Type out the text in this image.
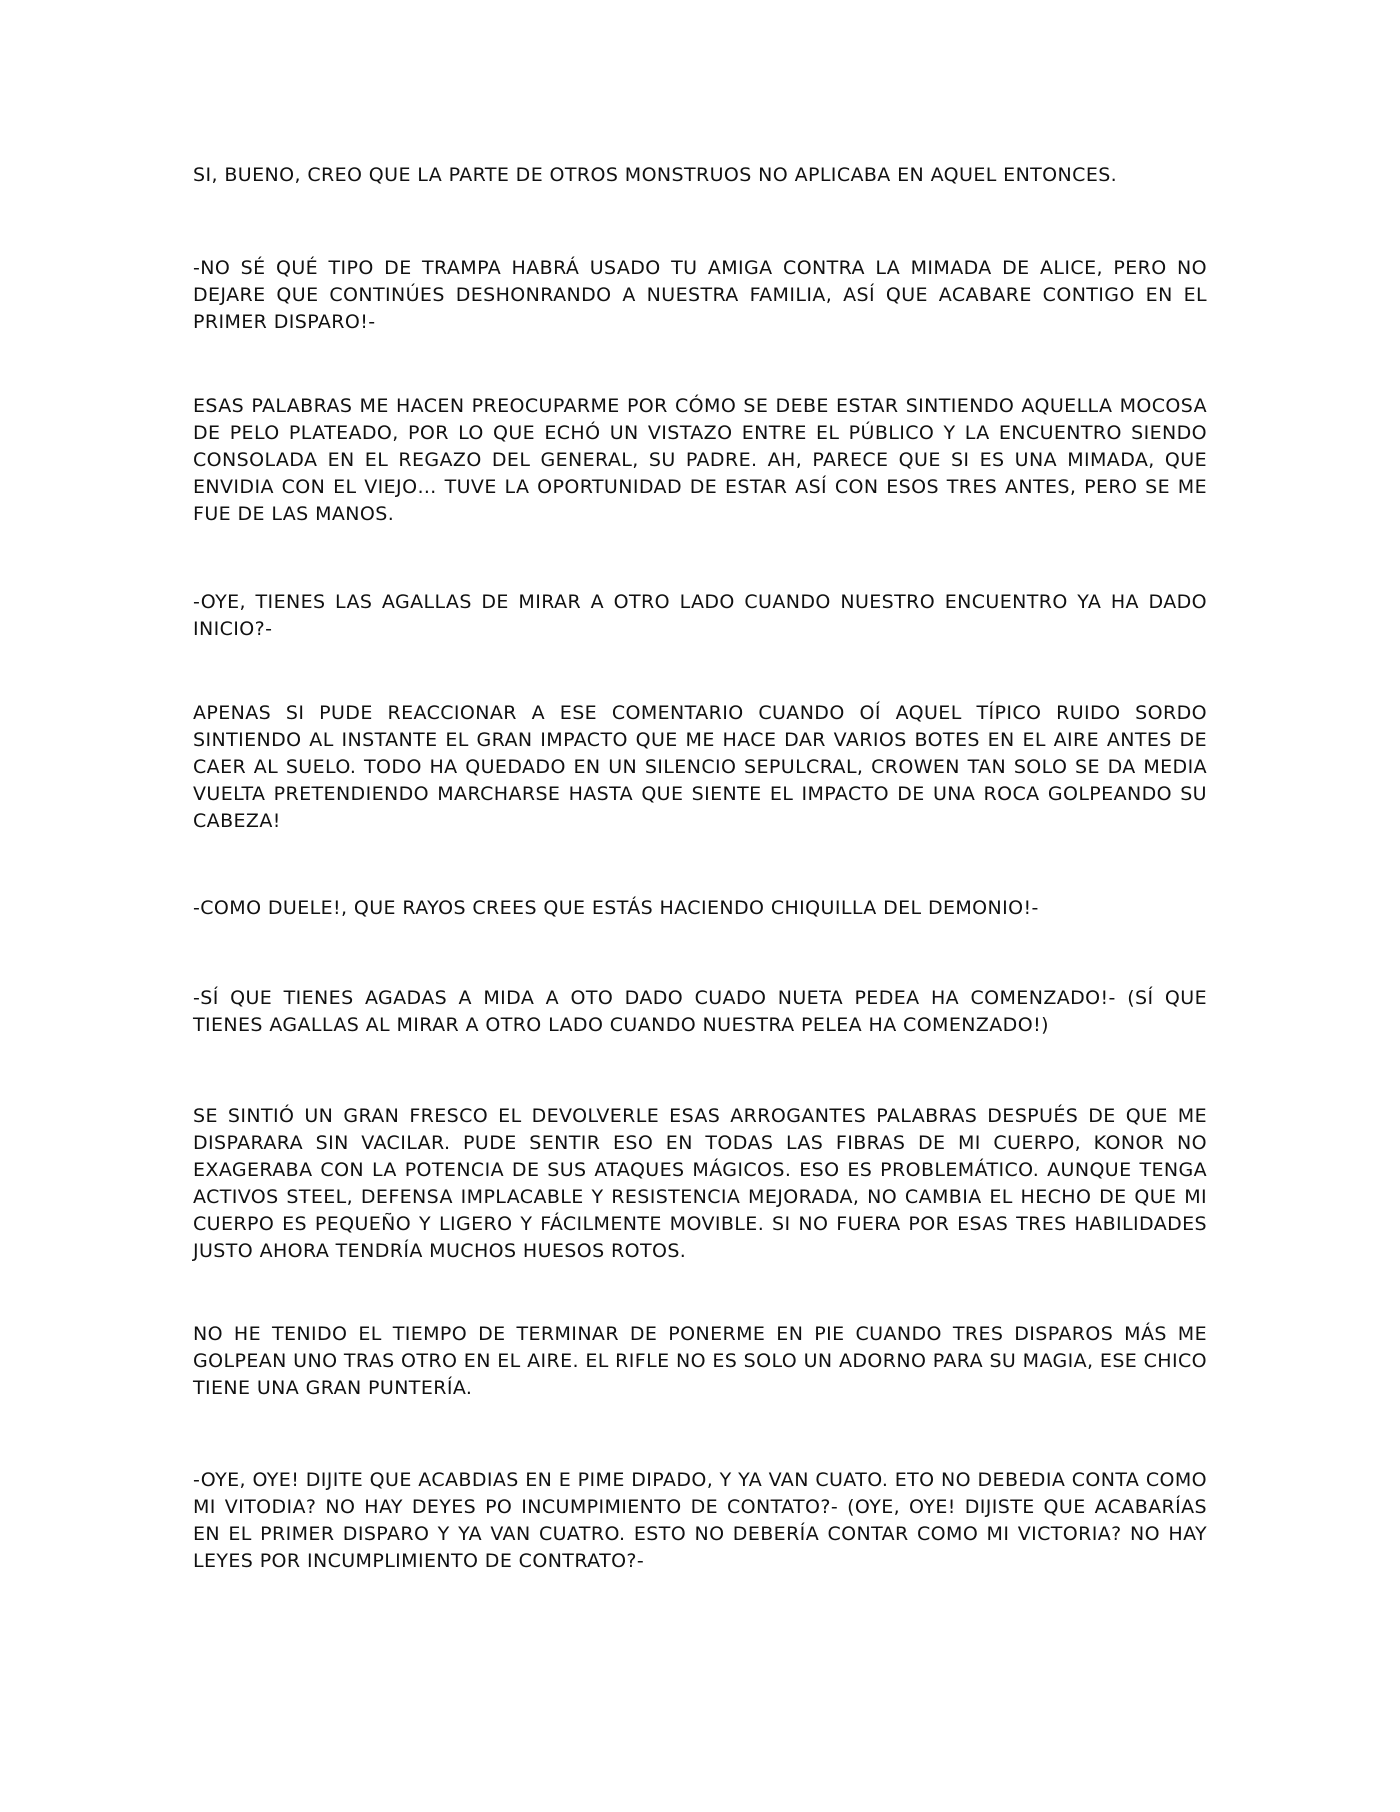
SI, BUENO, CREO QUE LA PARTE DE OTROS MONSTRUOS NO APLICABA EN AQUEL ENTONCES.

-NO SÉ QUÉ TIPO DE TRAMPA HABRÁ USADO TU AMIGA CONTRA LA MIMADA DE ALICE, PERO NO DEJARE QUE CONTINÚES DESHONRANDO A NUESTRA FAMILIA, ASÍ QUE ACABARE CONTIGO EN EL PRIMER DISPARO!-

ESAS PALABRAS ME HACEN PREOCUPARME POR CÓMO SE DEBE ESTAR SINTIENDO AQUELLA MOCOSA DE PELO PLATEADO, POR LO QUE ECHÓ UN VISTAZO ENTRE EL PÚBLICO Y LA ENCUENTRO SIENDO CONSOLADA EN EL REGAZO DEL GENERAL, SU PADRE. AH, PARECE QUE SI ES UNA MIMADA, QUE ENVIDIA CON EL VIEJO… TUVE LA OPORTUNIDAD DE ESTAR ASÍ CON ESOS TRES ANTES, PERO SE ME FUE DE LAS MANOS.

-OYE, TIENES LAS AGALLAS DE MIRAR A OTRO LADO CUANDO NUESTRO ENCUENTRO YA HA DADO INICIO?-

APENAS SI PUDE REACCIONAR A ESE COMENTARIO CUANDO OÍ AQUEL TÍPICO RUIDO SORDO SINTIENDO AL INSTANTE EL GRAN IMPACTO QUE ME HACE DAR VARIOS BOTES EN EL AIRE ANTES DE CAER AL SUELO. TODO HA QUEDADO EN UN SILENCIO SEPULCRAL, CROWEN TAN SOLO SE DA MEDIA VUELTA PRETENDIENDO MARCHARSE HASTA QUE SIENTE EL IMPACTO DE UNA ROCA GOLPEANDO SU CABEZA!

-COMO DUELE!, QUE RAYOS CREES QUE ESTÁS HACIENDO CHIQUILLA DEL DEMONIO!-

-SÍ QUE TIENES AGADAS A MIDA A OTO DADO CUADO NUETA PEDEA HA COMENZADO!- (SÍ QUE TIENES AGALLAS AL MIRAR A OTRO LADO CUANDO NUESTRA PELEA HA COMENZADO!)

SE SINTIÓ UN GRAN FRESCO EL DEVOLVERLE ESAS ARROGANTES PALABRAS DESPUÉS DE QUE ME DISPARARA SIN VACILAR. PUDE SENTIR ESO EN TODAS LAS FIBRAS DE MI CUERPO, KONOR NO EXAGERABA CON LA POTENCIA DE SUS ATAQUES MÁGICOS. ESO ES PROBLEMÁTICO. AUNQUE TENGA ACTIVOS STEEL, DEFENSA IMPLACABLE Y RESISTENCIA MEJORADA, NO CAMBIA EL HECHO DE QUE MI CUERPO ES PEQUEÑO Y LIGERO Y FÁCILMENTE MOVIBLE. SI NO FUERA POR ESAS TRES HABILIDADES JUSTO AHORA TENDRÍA MUCHOS HUESOS ROTOS.

NO HE TENIDO EL TIEMPO DE TERMINAR DE PONERME EN PIE CUANDO TRES DISPAROS MÁS ME GOLPEAN UNO TRAS OTRO EN EL AIRE. EL RIFLE NO ES SOLO UN ADORNO PARA SU MAGIA, ESE CHICO TIENE UNA GRAN PUNTERÍA.

-OYE, OYE! DIJITE QUE ACABDIAS EN E PIME DIPADO, Y YA VAN CUATO. ETO NO DEBEDIA CONTA COMO MI VITODIA? NO HAY DEYES PO INCUMPIMIENTO DE CONTATO?- (OYE, OYE! DIJISTE QUE ACABARÍAS EN EL PRIMER DISPARO Y YA VAN CUATRO. ESTO NO DEBERÍA CONTAR COMO MI VICTORIA? NO HAY LEYES POR INCUMPLIMIENTO DE CONTRATO?-
